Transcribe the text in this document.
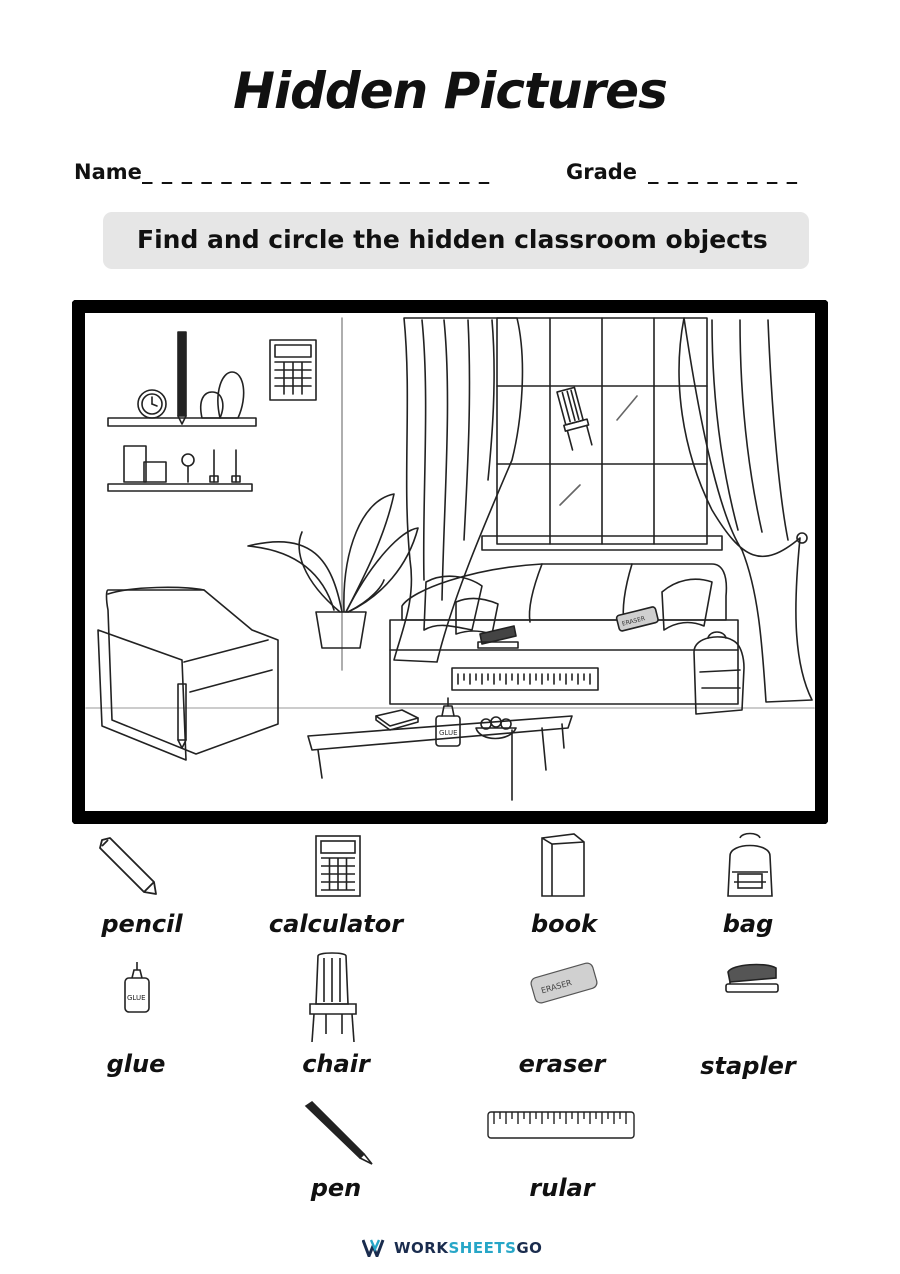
Hidden Pictures
Name _ _ _ _ _ _ _ _ _ _ _ _ _ _ _ _ _ _	Grade _ _ _ _ _ _ _ _
Find and circle the hidden classroom objects
ERASER
GLUE
pencil	calculator	book	bag
GLUE
glue	chair
ERASER
eraser	stapler
pen	rular
WORKSHEETSGO
